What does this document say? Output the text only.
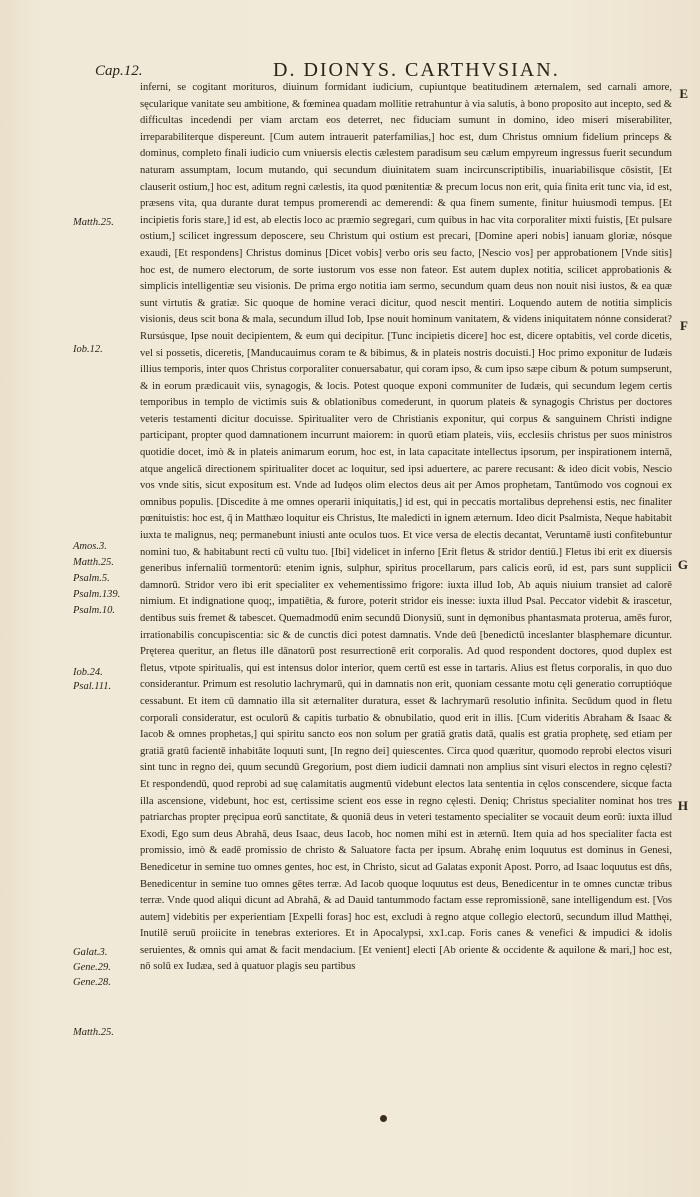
Cap.12.	D. DIONYS. CARTHVSIAN.
E
F
G
H
Matth.25.
Iob.12.
Amos.3.
Matth.25.
Psalm.5.
Psalm.139.
Psalm.10.
Iob.24.
Psal.111.
Galat.3.
Gene.29.
Gene.28.
Matth.25.

inferni, se cogitant morituros, diuinum formidant iudicium, cupiuntque beatitudinem æternalem, sed carnali amore, sęcularique vanitate seu ambitione, & fœminea quadam mollitie retrahuntur à via salutis, à bono proposito aut incepto, sed & difficultas incedendi per viam arctam eos deterret, nec fiduciam sumunt in domino, ideo miseri miserabiliter, irreparabiliterque dispereunt. [Cum autem intrauerit paterfamilias,] hoc est, dum Christus omnium fidelium princeps & dominus, completo finali iudicio cum vniuersis electis cælestem paradisum seu cælum empyreum ingressus fuerit secundum naturam assumptam, locum mutando, qui secundum diuinitatem suam incircunscriptibilis, inuariabilisque cōsistit, [Et clauserit ostium,] hoc est, aditum regni cælestis, ita quod pœnitentiæ & precum locus non erit, quia finita erit tunc via, id est, præsens vita, qua durante durat tempus promerendi ac demerendi: & qua finem sumente, finitur huiusmodi tempus. [Et incipietis foris stare,] id est, ab electis loco ac præmio segregari, cum quibus in hac vita corporaliter mixti fuistis, [Et pulsare ostium,] scilicet ingressum deposcere, seu Christum qui ostium est precari, [Domine aperi nobis] ianuam gloriæ, nósque exaudi, [Et respondens] Christus dominus [Dicet vobis] verbo oris seu facto, [Nescio vos] per approbationem [Vnde sitis] hoc est, de numero electorum, de sorte iustorum vos esse non fateor. Est autem duplex notitia, scilicet approbationis & simplicis intelligentiæ seu visionis. De prima ergo notitia iam sermo, secundum quam deus non nouit nisi iustos, & ea quæ sunt virtutis & gratiæ. Sic quoque de homine veraci dicitur, quod nescit mentiri. Loquendo autem de notitia simplicis visionis, deus scit bona & mala, secundum illud Iob, Ipse nouit hominum vanitatem, & videns iniquitatem nónne considerat? Rursúsque, Ipse nouit decipientem, & eum qui decipitur. [Tunc incipietis dicere] hoc est, dicere optabitis, vel corde dicetis, vel si possetis, diceretis, [Manducauimus coram te & bibimus, & in plateis nostris docuisti.] Hoc primo exponitur de Iudæis illius temporis, inter quos Christus corporaliter conuersabatur, qui coram ipso, & cum ipso sæpe cibum & potum sumpserunt, & in eorum prædicauit viis, synagogis, & locis. Potest quoque exponi communiter de Iudæis, qui secundum legem certis temporibus in templo de victimis suis & oblationibus comederunt, in quorum plateis & synagogis Christus per doctores veteris testamenti dicitur docuisse. Spiritualiter vero de Christianis exponitur, qui corpus & sanguinem Christi indigne participant, propter quod damnationem incurrunt maiorem: in quorū etiam plateis, viis, ecclesiis christus per suos ministros quotidie docet, imò & in plateis animarum eorum, hoc est, in lata capacitate intellectus ipsorum, per inspirationem internā, atque angelicā directionem spiritualiter docet ac loquitur, sed ipsi aduertere, ac parere recusant: & ideo dicit vobis, Nescio vos vnde sitis, sicut expositum est. Vnde ad Iudęos olim electos deus ait per Amos prophetam, Tantūmodo vos cognoui ex omnibus populis. [Discedite à me omnes operarii iniquitatis,] id est, qui in peccatis mortalibus deprehensi estis, nec finaliter pœnituistis: hoc est, q̄ in Matthæo loquitur eis Christus, Ite maledicti in ignem æternum. Ideo dicit Psalmista, Neque habitabit iuxta te malignus, neq; permanebunt iniusti ante oculos tuos. Et vice versa de electis decantat, Veruntamē iusti confitebuntur nomini tuo, & habitabunt recti cū vultu tuo. [Ibi] videlicet in inferno [Erit fletus & stridor dentiū.] Fletus ibi erit ex diuersis generibus infernaliū tormentorū: etenim ignis, sulphur, spiritus procellarum, pars calicis eorū, id est, pars sunt supplicii damnorū. Stridor vero ibi erit specialiter ex vehementissimo frigore: iuxta illud Iob, Ab aquis niuium transiet ad calorē nimium. Et indignatione quoq;, impatiētia, & furore, poterit stridor eis inesse: iuxta illud Psal. Peccator videbit & irascetur, dentibus suis fremet & tabescet. Quemadmodū enim secundū Dionysiū, sunt in dęmonibus phantasmata proterua, amēs furor, irrationabilis concupiscentia: sic & de cunctis dici potest damnatis. Vnde deū [benedictū inceslanter blasphemare dicuntur. Pręterea queritur, an fletus ille dānatorū post resurrectionē erit corporalis. Ad quod respondent doctores, quod duplex est fletus, vtpote spiritualis, qui est intensus dolor interior, quem certū est esse in tartaris. Alius est fletus corporalis, in quo duo considerantur. Primum est resolutio lachrymarū, qui in damnatis non erit, quoniam cessante motu cęli generatio corruptióque cessabunt. Et item cū damnatio illa sit æternaliter duratura, esset & lachrymarū resolutio infinita. Secūdum quod in fletu corporali consideratur, est oculorū & capitis turbatio & obnubilatio, quod erit in illis. [Cum videritis Abraham & Isaac & Iacob & omnes prophetas,] qui spiritu sancto eos non solum per gratiā gratis datā, qualis est gratia prophetę, sed etiam per gratiā gratū facientē inhabitāte loquuti sunt, [In regno dei] quiescentes. Circa quod quæritur, quomodo reprobi electos visuri sint tunc in regno dei, quum secundū Gregorium, post diem iudicii damnati non amplius sint visuri electos in regno cęlesti? Et respondendū, quod reprobi ad suę calamitatis augmentū videbunt electos lata sententia in cęlos conscendere, sicque facta illa ascensione, videbunt, hoc est, certissime scient eos esse in regno cęlesti. Deniq; Christus specialiter nominat hos tres patriarchas propter pręcipua eorū sanctitate, & quoniā deus in veteri testamento specialiter se vocauit deum eorū: iuxta illud Exodi, Ego sum deus Abrahā, deus Isaac, deus Iacob, hoc nomen mihi est in æternū. Item quia ad hos specialiter facta est promissio, imò & eadē promissio de christo & Saluatore facta per ipsum. Abrahę enim loquutus est dominus in Genesi, Benedicetur in semine tuo omnes gentes, hoc est, in Christo, sicut ad Galatas exponit Apost. Porro, ad Isaac loquutus est dñs, Benedicentur in semine tuo omnes gētes terræ. Ad Iacob quoque loquutus est deus, Benedicentur in te omnes cunctæ tribus terræ. Vnde quod aliqui dicunt ad Abrahā, & ad Dauid tantummodo factam esse repromissionē, sane intelligendum est. [Vos autem] videbitis per experientiam [Expelli foras] hoc est, excludi à regno atque collegio electorū, secundum illud Matthęi, Inutilē seruū proiicite in tenebras exteriores. Et in Apocalypsi, xx1.cap. Foris canes & venefici & impudici & idolis seruientes, & omnis qui amat & facit mendacium. [Et venient] electi [Ab oriente & occidente & aquilone & mari,] hoc est, nō solū ex Iudæa, sed à quatuor plagis seu partibus
